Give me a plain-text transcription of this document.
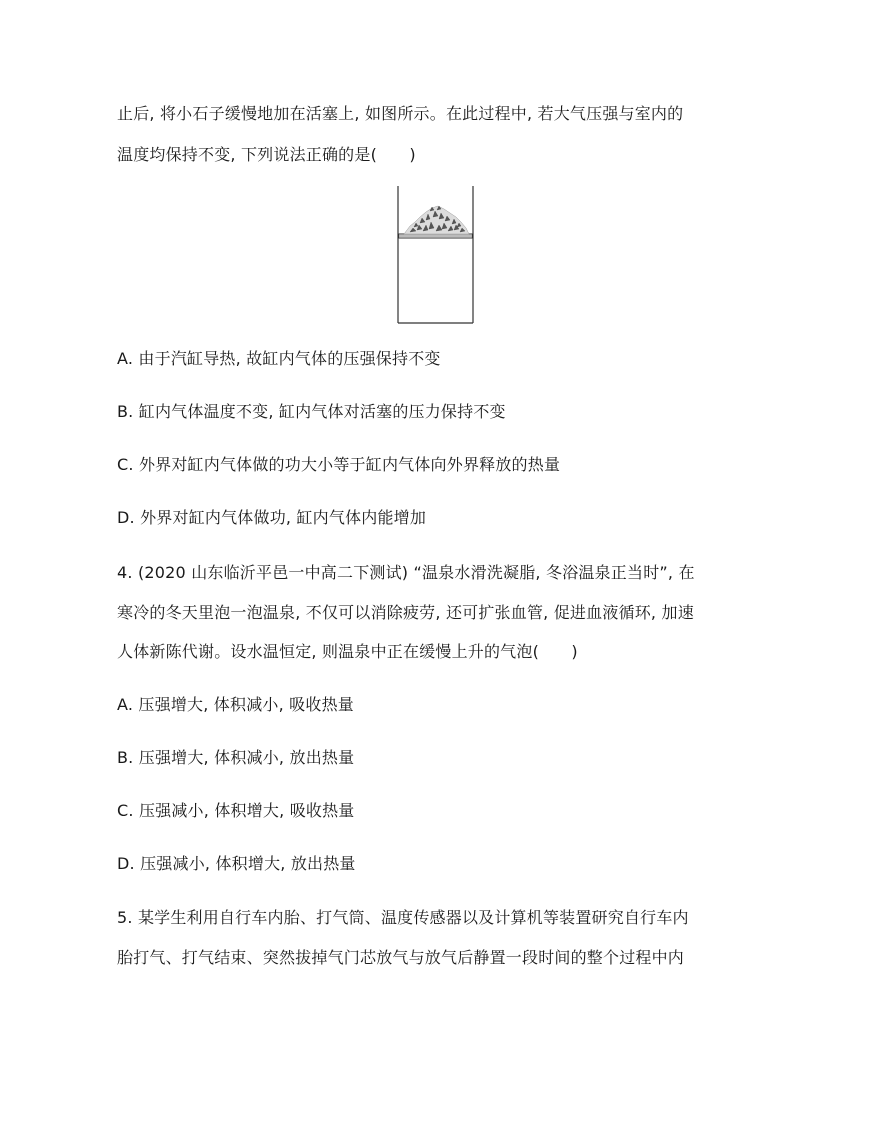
止后, 将小石子缓慢地加在活塞上, 如图所示。在此过程中, 若大气压强与室内的
温度均保持不变, 下列说法正确的是(　　)
A. 由于汽缸导热, 故缸内气体的压强保持不变
B. 缸内气体温度不变, 缸内气体对活塞的压力保持不变
C. 外界对缸内气体做的功大小等于缸内气体向外界释放的热量
D. 外界对缸内气体做功, 缸内气体内能增加
4. (2020 山东临沂平邑一中高二下测试) “温泉水滑洗凝脂, 冬浴温泉正当时”, 在
寒冷的冬天里泡一泡温泉, 不仅可以消除疲劳, 还可扩张血管, 促进血液循环, 加速
人体新陈代谢。设水温恒定, 则温泉中正在缓慢上升的气泡(　　)
A. 压强增大, 体积减小, 吸收热量
B. 压强增大, 体积减小, 放出热量
C. 压强减小, 体积增大, 吸收热量
D. 压强减小, 体积增大, 放出热量
5. 某学生利用自行车内胎、打气筒、温度传感器以及计算机等装置研究自行车内
胎打气、打气结束、突然拔掉气门芯放气与放气后静置一段时间的整个过程中内
